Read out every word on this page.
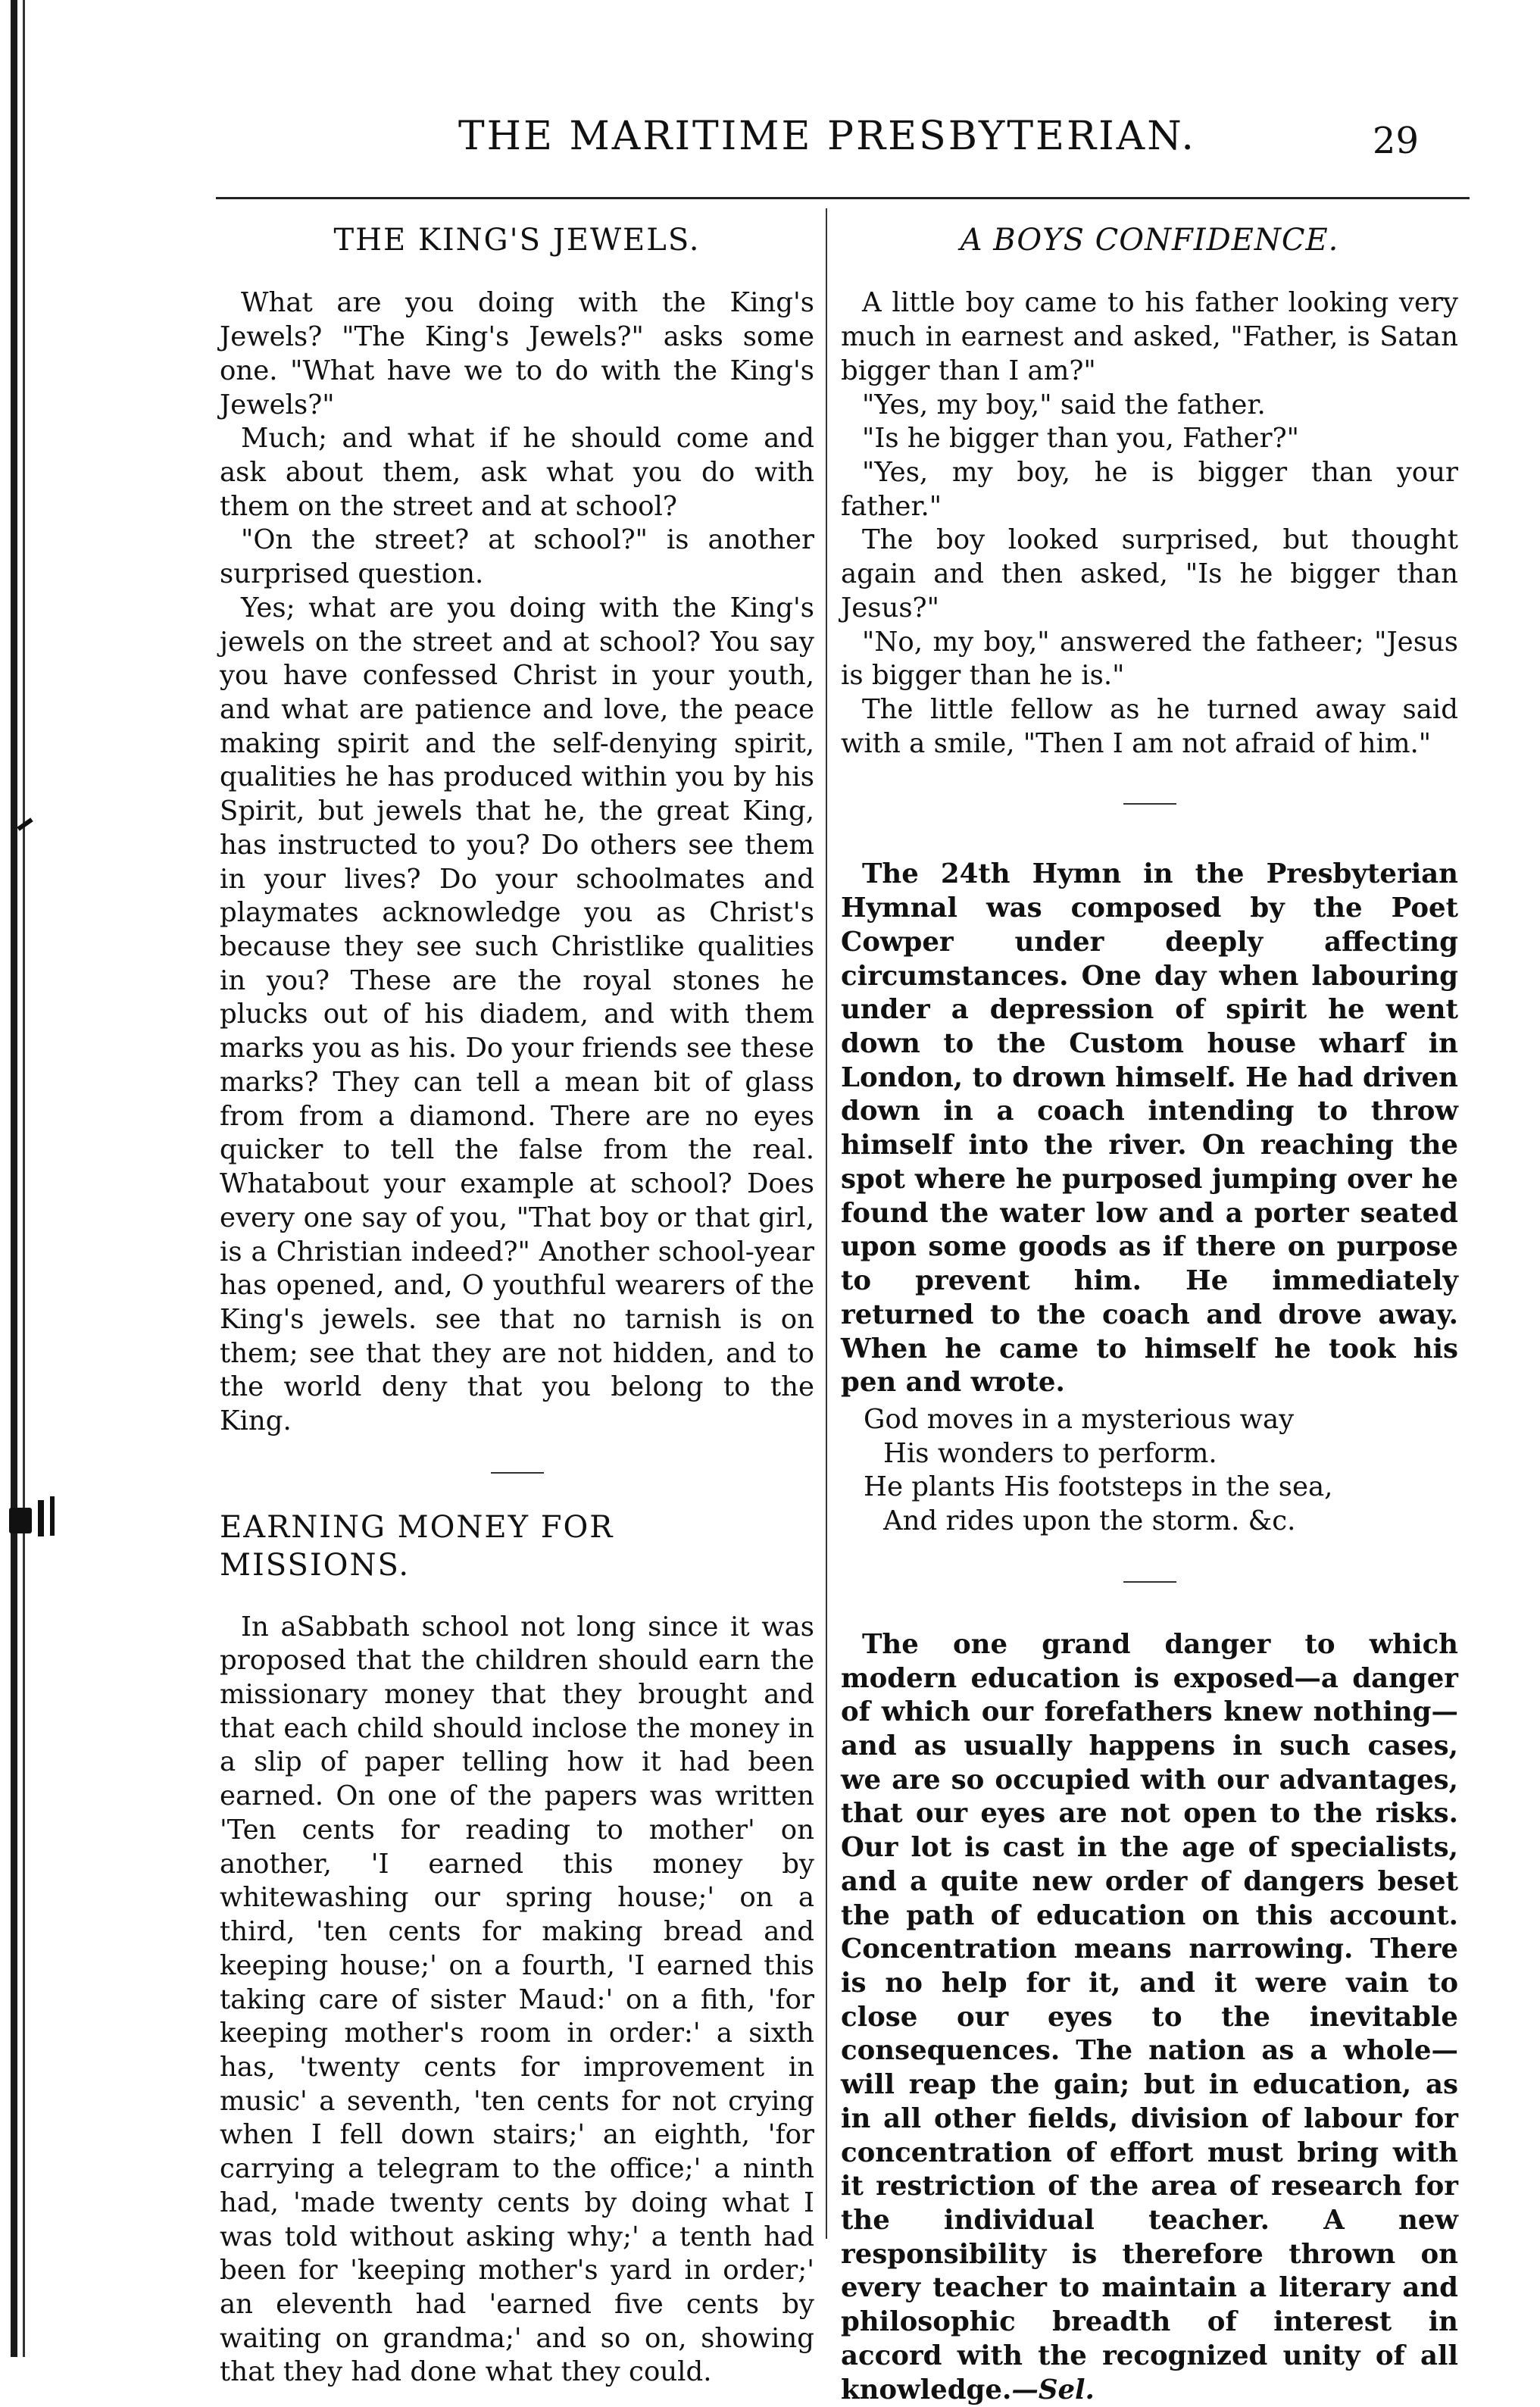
THE MARITIME PRESBYTERIAN.	29
THE KING'S JEWELS.

What are you doing with the King's Jewels? "The King's Jewels?" asks some one. "What have we to do with the King's Jewels?"

Much; and what if he should come and ask about them, ask what you do with them on the street and at school?

"On the street? at school?" is another surprised question.

Yes; what are you doing with the King's jewels on the street and at school? You say you have confessed Christ in your youth, and what are patience and love, the peace making spirit and the self-denying spirit, qualities he has produced within you by his Spirit, but jewels that he, the great King, has instructed to you? Do others see them in your lives? Do your schoolmates and playmates acknowledge you as Christ's because they see such Christlike qualities in you? These are the royal stones he plucks out of his diadem, and with them marks you as his. Do your friends see these marks? They can tell a mean bit of glass from from a diamond. There are no eyes quicker to tell the false from the real. Whatabout your example at school? Does every one say of you, "That boy or that girl, is a Christian indeed?" Another school-year has opened, and, O youthful wearers of the King's jewels. see that no tarnish is on them; see that they are not hidden, and to the world deny that you belong to the King.

EARNING MONEY FOR MISSIONS.

In aSabbath school not long since it was proposed that the children should earn the missionary money that they brought and that each child should inclose the money in a slip of paper telling how it had been earned. On one of the papers was written 'Ten cents for reading to mother' on another, 'I earned this money by whitewashing our spring house;' on a third, 'ten cents for making bread and keeping house;' on a fourth, 'I earned this taking care of sister Maud:' on a fith, 'for keeping mother's room in order:' a sixth has, 'twenty cents for improvement in music' a seventh, 'ten cents for not crying when I fell down stairs;' an eighth, 'for carrying a telegram to the office;' a ninth had, 'made twenty cents by doing what I was told without asking why;' a tenth had been for 'keeping mother's yard in order;' an eleventh had 'earned five cents by waiting on grandma;' and so on, showing that they had done what they could.

A BOYS CONFIDENCE.

A little boy came to his father looking very much in earnest and asked, "Father, is Satan bigger than I am?"

"Yes, my boy," said the father.

"Is he bigger than you, Father?"

"Yes, my boy, he is bigger than your father."

The boy looked surprised, but thought again and then asked, "Is he bigger than Jesus?"

"No, my boy," answered the fatheer; "Jesus is bigger than he is."

The little fellow as he turned away said with a smile, "Then I am not afraid of him."

The 24th Hymn in the Presbyterian Hymnal was composed by the Poet Cowper under deeply affecting circumstances. One day when labouring under a depression of spirit he went down to the Custom house wharf in London, to drown himself. He had driven down in a coach intending to throw himself into the river. On reaching the spot where he purposed jumping over he found the water low and a porter seated upon some goods as if there on purpose to prevent him. He immediately returned to the coach and drove away. When he came to himself he took his pen and wrote.

God moves in a mysterious way
His wonders to perform.
He plants His footsteps in the sea,
And rides upon the storm. &c.

The one grand danger to which modern education is exposed—a danger of which our forefathers knew nothing—and as usually happens in such cases, we are so occupied with our advantages, that our eyes are not open to the risks. Our lot is cast in the age of specialists, and a quite new order of dangers beset the path of education on this account. Concentration means narrowing. There is no help for it, and it were vain to close our eyes to the inevitable consequences. The nation as a whole—will reap the gain; but in education, as in all other fields, division of labour for concentration of effort must bring with it restriction of the area of research for the individual teacher. A new responsibility is therefore thrown on every teacher to maintain a literary and philosophic breadth of interest in accord with the recognized unity of all knowledge.—Sel.
